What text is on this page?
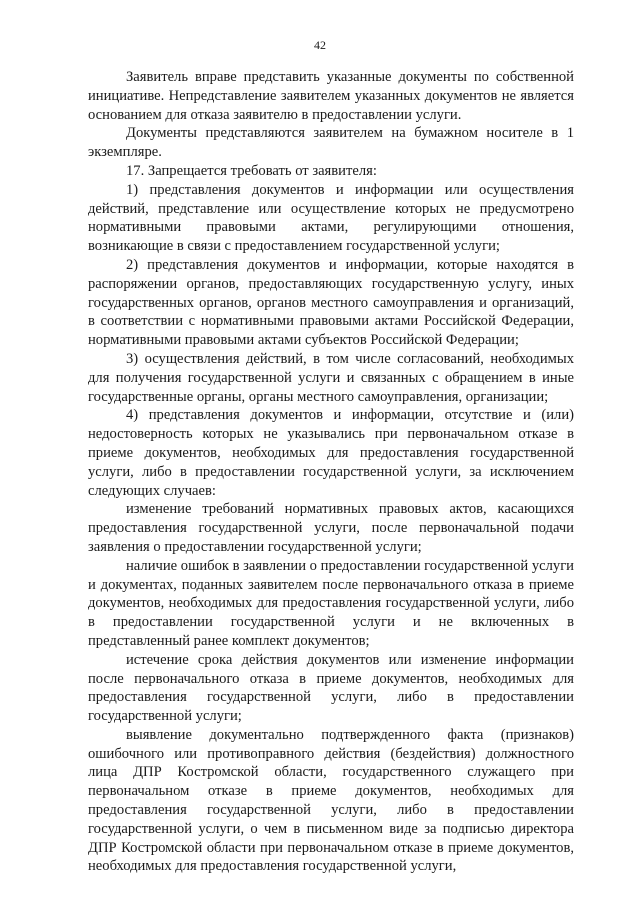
42

Заявитель вправе представить указанные документы по собственной инициативе. Непредставление заявителем указанных документов не является основанием для отказа заявителю в предоставлении услуги.

Документы представляются заявителем на бумажном носителе в 1 экземпляре.

17. Запрещается требовать от заявителя:

1) представления документов и информации или осуществления действий, представление или осуществление которых не предусмотрено нормативными правовыми актами, регулирующими отношения, возникающие в связи с предоставлением государственной услуги;

2) представления документов и информации, которые находятся в распоряжении органов, предоставляющих государственную услугу, иных государственных органов, органов местного самоуправления и организаций, в соответствии с нормативными правовыми актами Российской Федерации, нормативными правовыми актами субъектов Российской Федерации;

3) осуществления действий, в том числе согласований, необходимых для получения государственной услуги и связанных с обращением в иные государственные органы, органы местного самоуправления, организации;

4) представления документов и информации, отсутствие и (или) недостоверность которых не указывались при первоначальном отказе в приеме документов, необходимых для предоставления государственной услуги, либо в предоставлении государственной услуги, за исключением следующих случаев:

изменение требований нормативных правовых актов, касающихся предоставления государственной услуги, после первоначальной подачи заявления о предоставлении государственной услуги;

наличие ошибок в заявлении о предоставлении государственной услуги и документах, поданных заявителем после первоначального отказа в приеме документов, необходимых для предоставления государственной услуги, либо в предоставлении государственной услуги и не включенных в представленный ранее комплект документов;

истечение срока действия документов или изменение информации после первоначального отказа в приеме документов, необходимых для предоставления государственной услуги, либо в предоставлении государственной услуги;

выявление документально подтвержденного факта (признаков) ошибочного или противоправного действия (бездействия) должностного лица ДПР Костромской области, государственного служащего при первоначальном отказе в приеме документов, необходимых для предоставления государственной услуги, либо в предоставлении государственной услуги, о чем в письменном виде за подписью директора ДПР Костромской области при первоначальном отказе в приеме документов, необходимых для предоставления государственной услуги,
